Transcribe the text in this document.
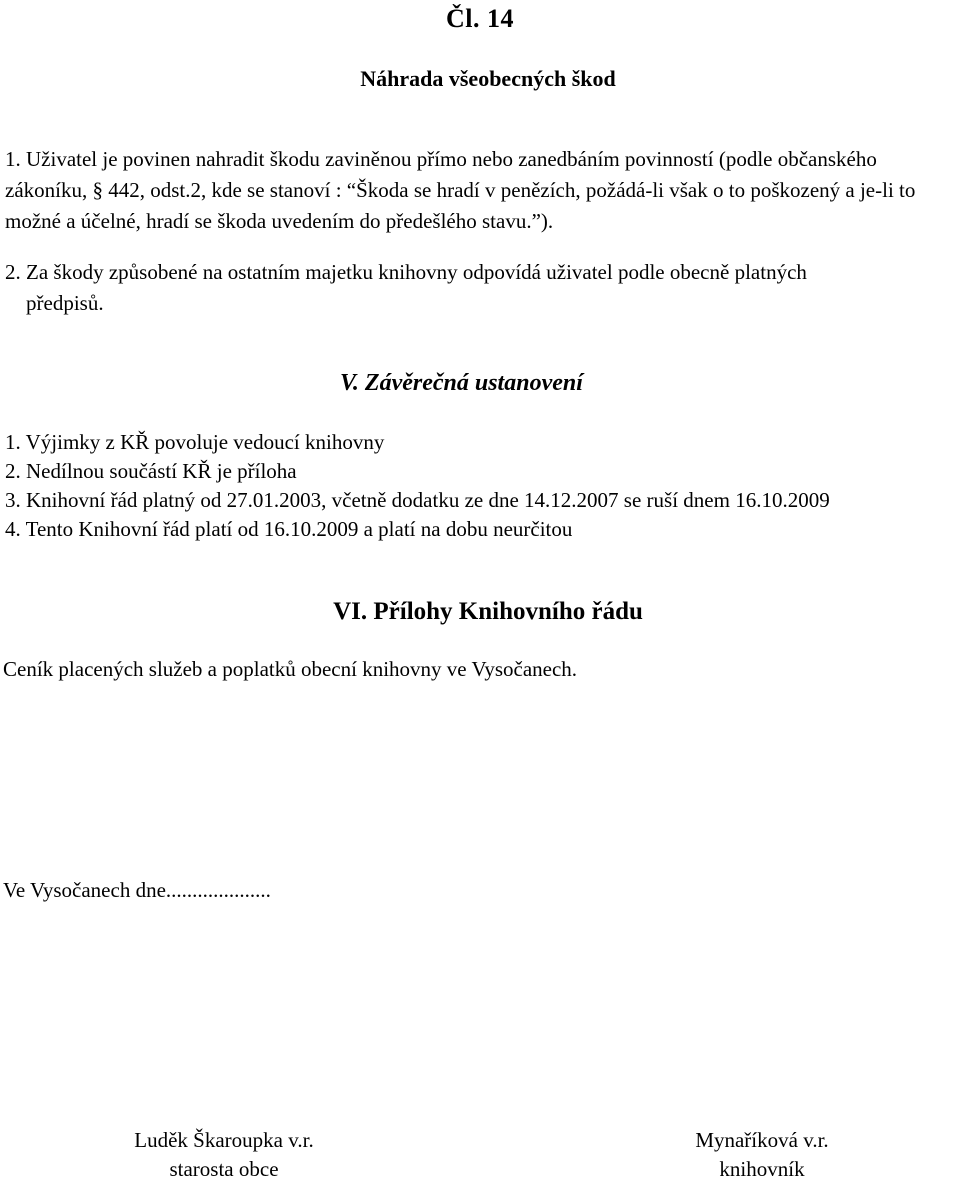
Čl. 14
Náhrada všeobecných škod
1. Uživatel je povinen nahradit škodu zaviněnou přímo nebo zanedbáním povinností (podle občanského zákoníku, § 442, odst.2, kde se stanoví : “Škoda se hradí v penězích, požádá-li však o to poškozený a je-li to možné a účelné, hradí se škoda uvedením do předešlého stavu.”).
2. Za škody způsobené na ostatním majetku knihovny odpovídá uživatel podle obecně platných
předpisů.
V. Závěrečná ustanovení
1. Výjimky z KŘ povoluje vedoucí knihovny
2. Nedílnou součástí KŘ je příloha
3. Knihovní řád platný od 27.01.2003, včetně dodatku ze dne 14.12.2007 se ruší dnem 16.10.2009
4. Tento Knihovní řád platí od 16.10.2009 a platí na dobu neurčitou
VI. Přílohy Knihovního řádu
Ceník placených služeb a poplatků obecní knihovny ve Vysočanech.
Ve Vysočanech dne....................
Luděk Škaroupka v.r.
starosta obce
Mynaříková v.r.
knihovník
